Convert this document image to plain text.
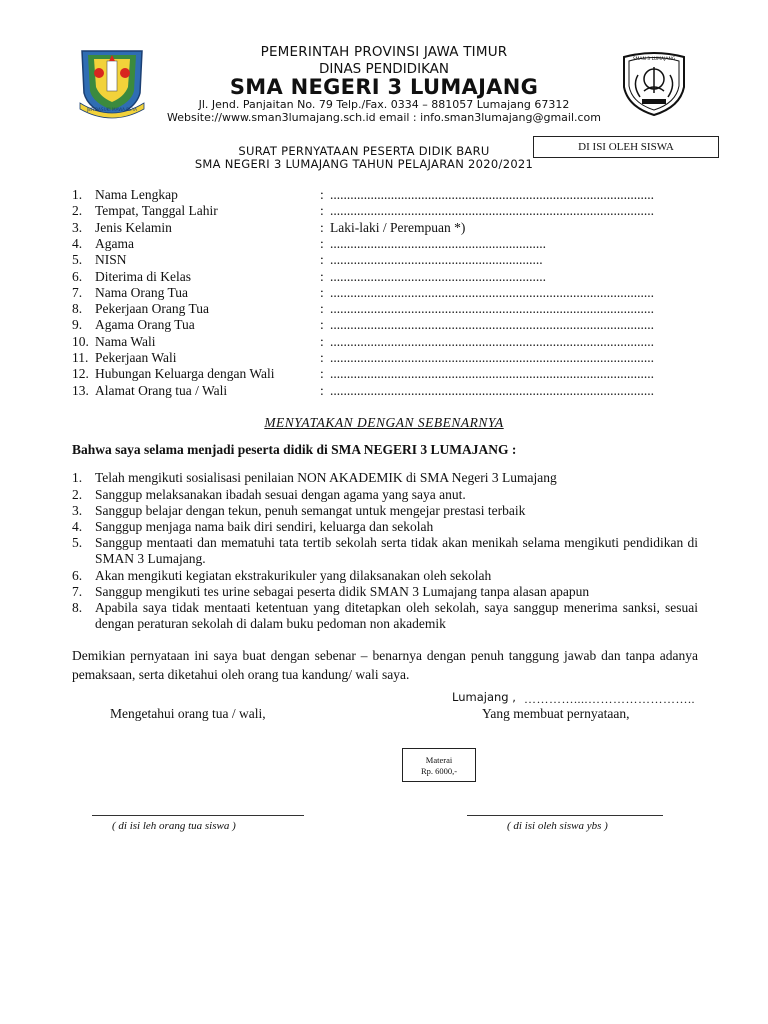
JER BASUKI MAWA BEYA
SMAN 3 LUMAJANG
PEMERINTAH PROVINSI JAWA TIMUR
DINAS PENDIDIKAN
SMA NEGERI 3 LUMAJANG
Jl. Jend. Panjaitan No. 79 Telp./Fax. 0334 – 881057 Lumajang 67312
Website://www.sman3lumajang.sch.id email : info.sman3lumajang@gmail.com
DI ISI OLEH SISWA
SURAT PERNYATAAN PESERTA DIDIK BARU
SMA NEGERI 3 LUMAJANG TAHUN PELAJARAN 2020/2021
1. Nama Lengkap	: ................................................................................................
2. Tempat, Tanggal Lahir	: ................................................................................................
3. Jenis Kelamin	: Laki-laki / Perempuan *)
4. Agama	: ................................................................
5. NISN	: ...............................................................
6. Diterima di Kelas	: ................................................................
7. Nama Orang Tua	: ................................................................................................
8. Pekerjaan Orang Tua	: ................................................................................................
9. Agama Orang Tua	: ................................................................................................
10. Nama Wali	: ................................................................................................
11. Pekerjaan Wali	: ................................................................................................
12. Hubungan Keluarga dengan Wali	: ................................................................................................
13. Alamat Orang tua / Wali	: ................................................................................................
MENYATAKAN DENGAN SEBENARNYA
Bahwa saya selama menjadi peserta didik di SMA NEGERI 3 LUMAJANG :
1. Telah mengikuti sosialisasi penilaian NON AKADEMIK di SMA Negeri 3 Lumajang
2. Sanggup melaksanakan ibadah sesuai dengan agama yang saya anut.
3. Sanggup belajar dengan tekun, penuh semangat untuk mengejar prestasi terbaik
4. Sanggup menjaga nama baik diri sendiri, keluarga dan sekolah
5. Sanggup mentaati dan mematuhi tata tertib sekolah serta tidak akan menikah selama mengikuti pendidikan di SMAN 3 Lumajang.
6. Akan mengikuti kegiatan ekstrakurikuler yang dilaksanakan oleh sekolah
7. Sanggup mengikuti tes urine sebagai peserta didik SMAN 3 Lumajang tanpa alasan apapun
8. Apabila saya tidak mentaati ketentuan yang ditetapkan oleh sekolah, saya sanggup menerima sanksi, sesuai dengan peraturan sekolah di dalam buku pedoman non akademik
Demikian pernyataan ini saya buat dengan sebenar – benarnya dengan penuh tanggung jawab dan tanpa adanya pemaksaan, serta diketahui oleh orang tua kandung/ wali saya.
Lumajang , …………....……………………..
Mengetahui orang tua / wali,	Yang membuat pernyataan,
Materai
Rp. 6000,-
( di isi leh orang tua siswa )	( di isi oleh siswa ybs )
